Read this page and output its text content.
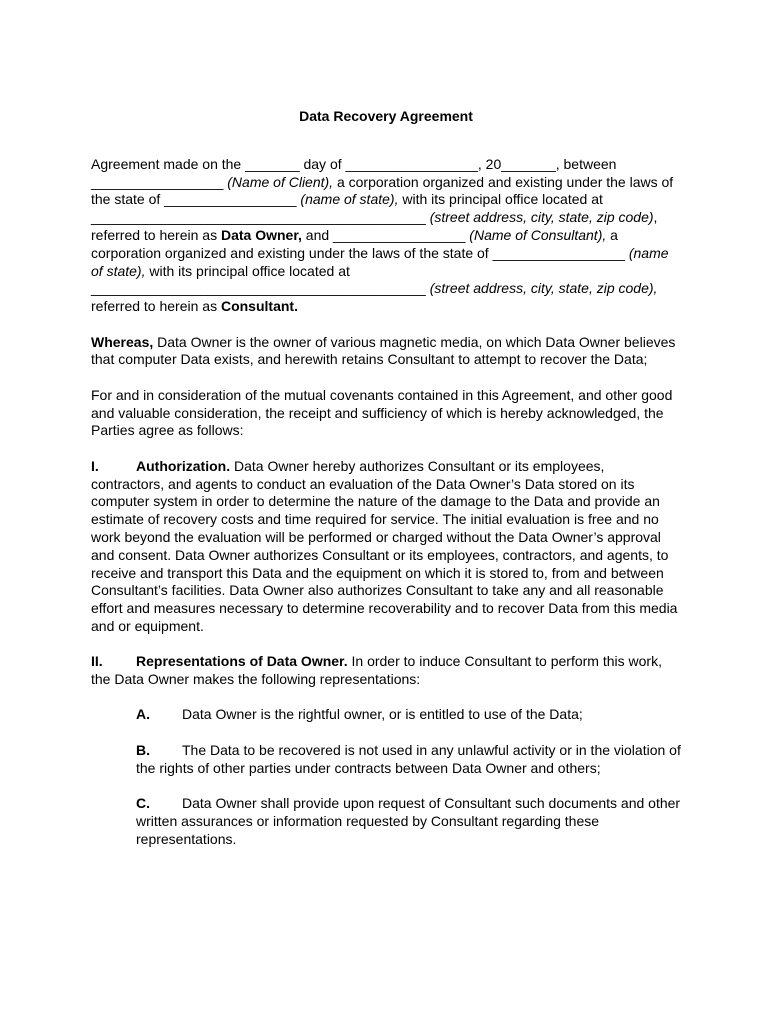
Data Recovery Agreement

Agreement made on the _______ day of _________________, 20_______, between _________________ (Name of Client), a corporation organized and existing under the laws of the state of _________________ (name of state), with its principal office located at ___________________________________________ (street address, city, state, zip code), referred to herein as Data Owner, and _________________ (Name of Consultant), a corporation organized and existing under the laws of the state of _________________ (name of state), with its principal office located at ___________________________________________ (street address, city, state, zip code), referred to herein as Consultant.

Whereas, Data Owner is the owner of various magnetic media, on which Data Owner believes that computer Data exists, and herewith retains Consultant to attempt to recover the Data;

For and in consideration of the mutual covenants contained in this Agreement, and other good and valuable consideration, the receipt and sufficiency of which is hereby acknowledged, the Parties agree as follows:

I.	Authorization. Data Owner hereby authorizes Consultant or its employees, contractors, and agents to conduct an evaluation of the Data Owner’s Data stored on its computer system in order to determine the nature of the damage to the Data and provide an estimate of recovery costs and time required for service. The initial evaluation is free and no work beyond the evaluation will be performed or charged without the Data Owner’s approval and consent. Data Owner authorizes Consultant or its employees, contractors, and agents, to receive and transport this Data and the equipment on which it is stored to, from and between Consultant’s facilities. Data Owner also authorizes Consultant to take any and all reasonable effort and measures necessary to determine recoverability and to recover Data from this media and or equipment.

II. Representations of Data Owner. In order to induce Consultant to perform this work, the Data Owner makes the following representations:

A. Data Owner is the rightful owner, or is entitled to use of the Data;

B. The Data to be recovered is not used in any unlawful activity or in the violation of the rights of other parties under contracts between Data Owner and others;

C. Data Owner shall provide upon request of Consultant such documents and other written assurances or information requested by Consultant regarding these representations.
